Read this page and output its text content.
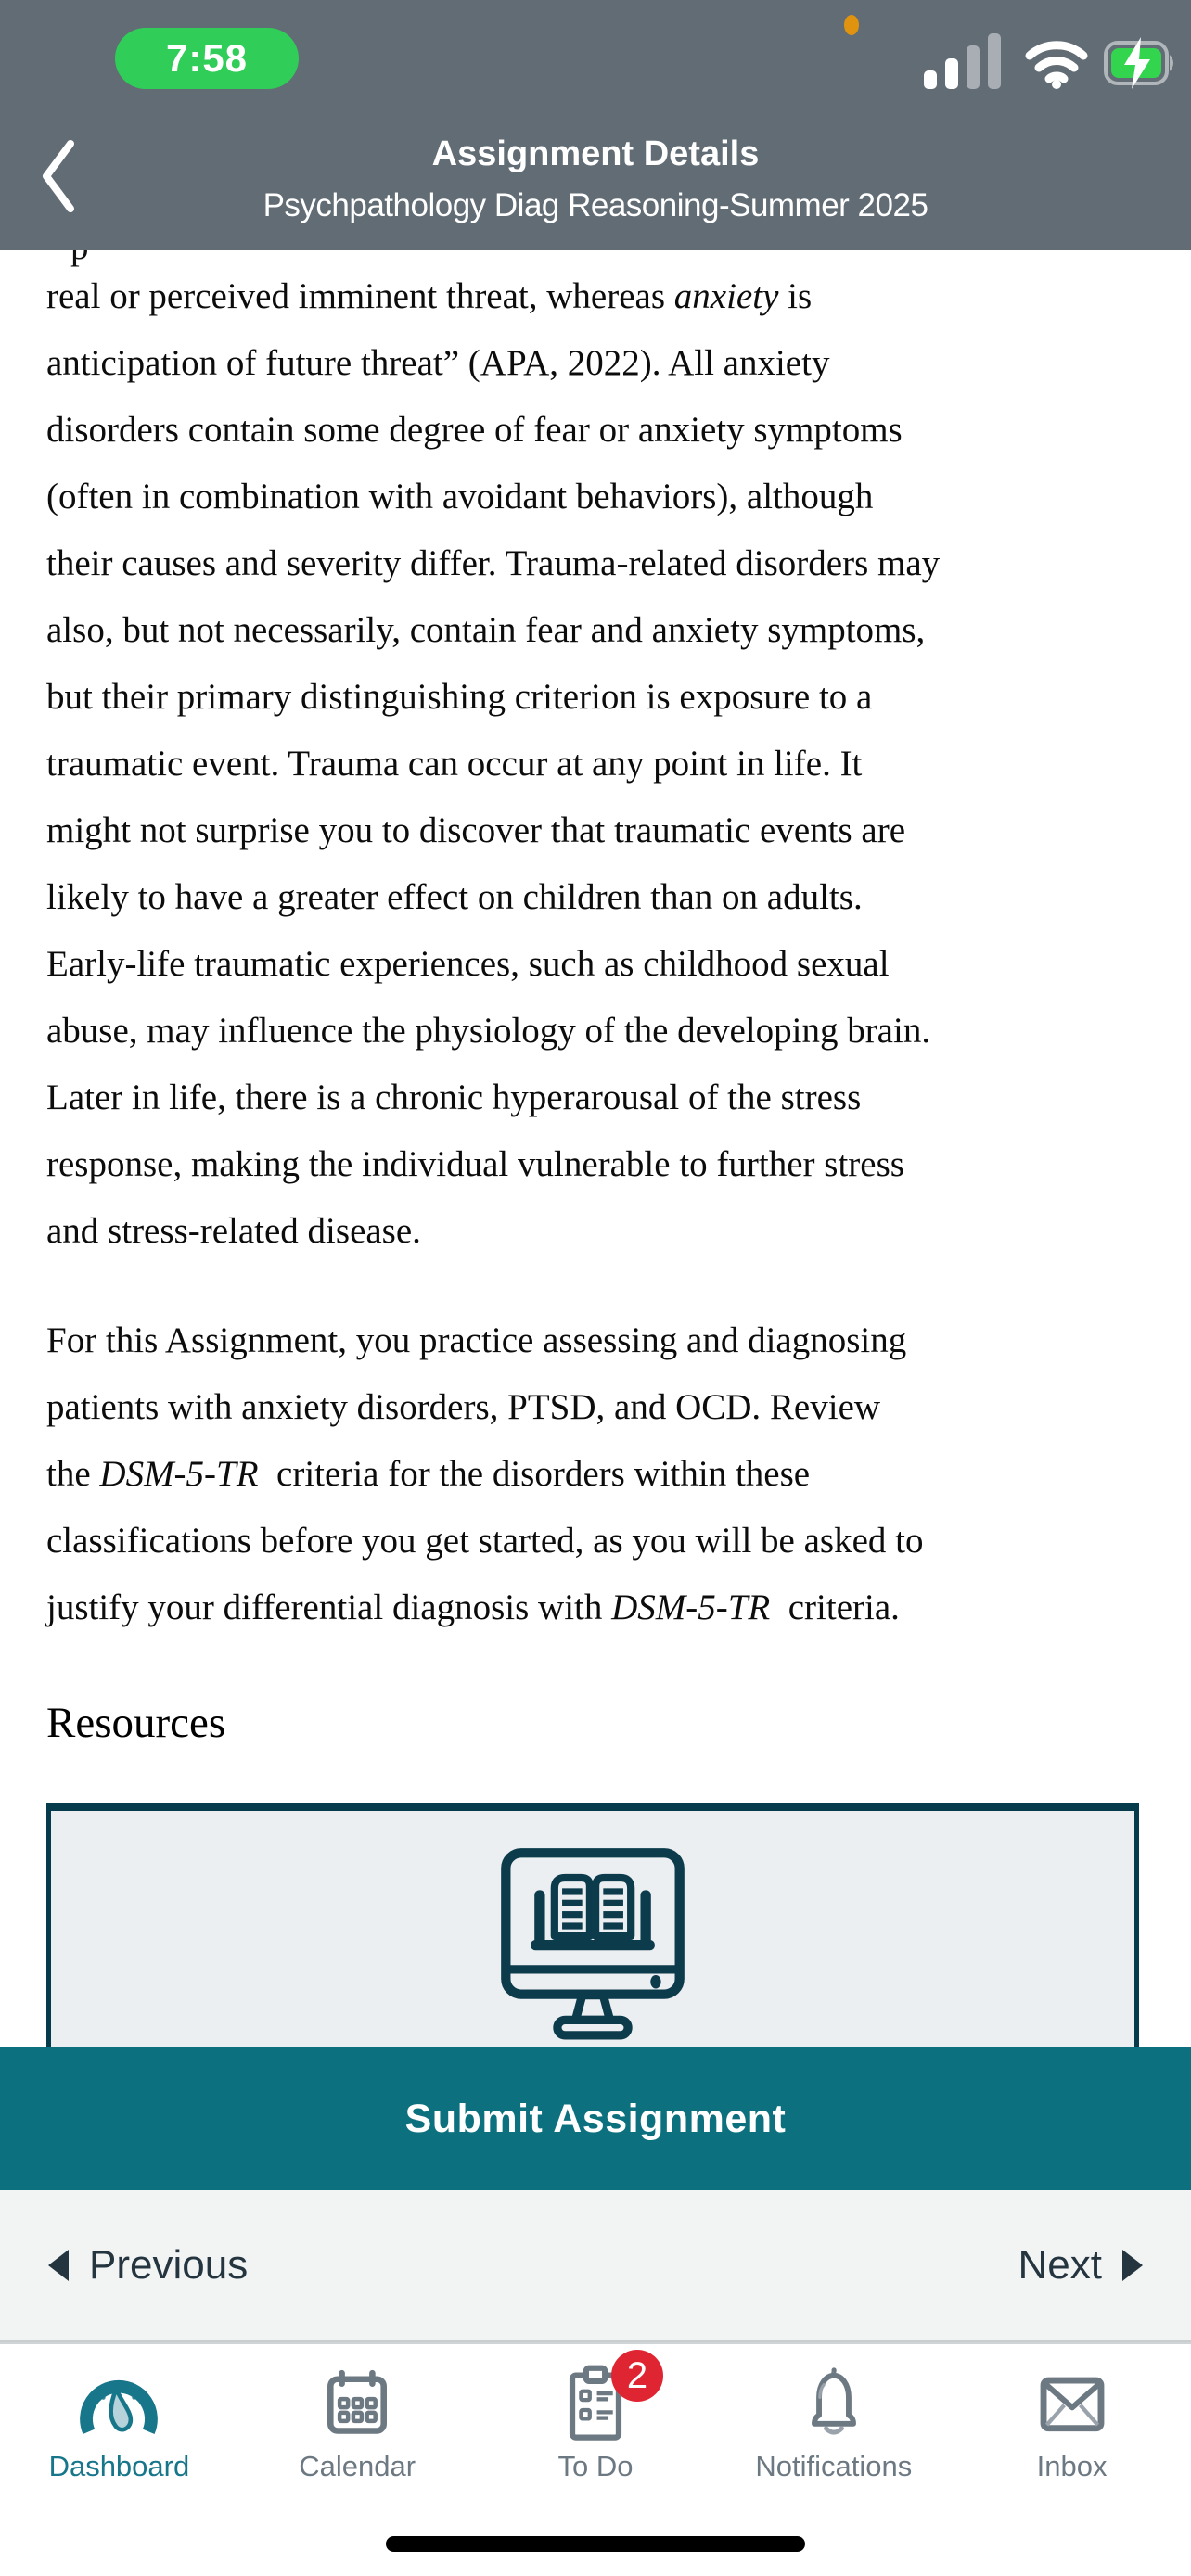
7:58
Assignment Details
Psychpathology Diag Reasoning-Summer 2025
real or perceived imminent threat, whereas anxiety is
anticipation of future threat” (APA, 2022). All anxiety
disorders contain some degree of fear or anxiety symptoms
(often in combination with avoidant behaviors), although
their causes and severity differ. Trauma-related disorders may
also, but not necessarily, contain fear and anxiety symptoms,
but their primary distinguishing criterion is exposure to a
traumatic event. Trauma can occur at any point in life. It
might not surprise you to discover that traumatic events are
likely to have a greater effect on children than on adults.
Early-life traumatic experiences, such as childhood sexual
abuse, may influence the physiology of the developing brain.
Later in life, there is a chronic hyperarousal of the stress
response, making the individual vulnerable to further stress
and stress-related disease.
For this Assignment, you practice assessing and diagnosing
patients with anxiety disorders, PTSD, and OCD. Review
the DSM-5-TR  criteria for the disorders within these
classifications before you get started, as you will be asked to
justify your differential diagnosis with DSM-5-TR  criteria.
Resources
Submit Assignment
Previous	Next
Dashboard	Calendar
2
To Do	Notifications	Inbox
